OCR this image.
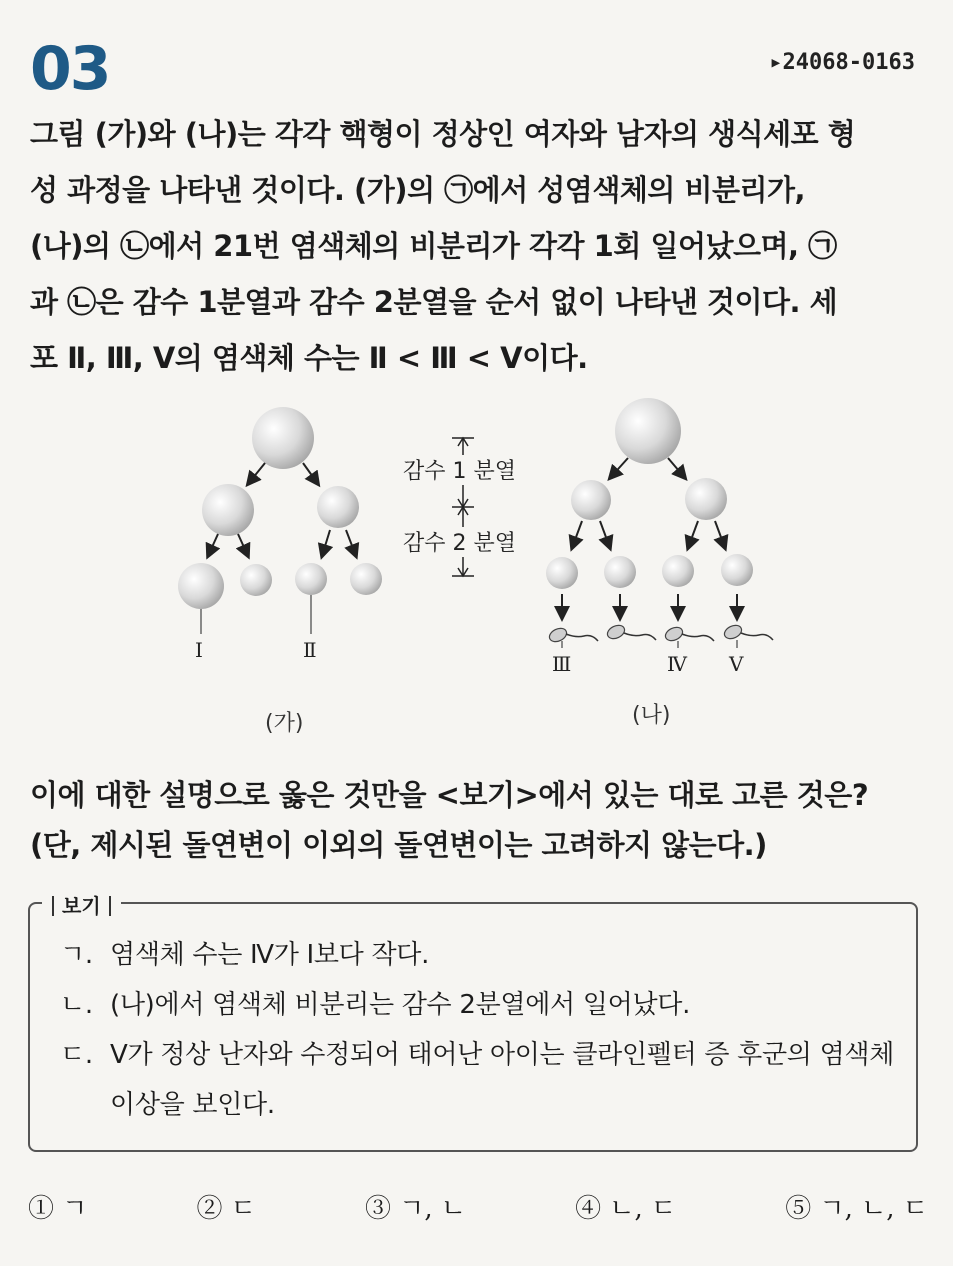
03	▸24068-0163
그림 (가)와 (나)는 각각 핵형이 정상인 여자와 남자의 생식세포 형
성 과정을 나타낸 것이다. (가)의 ㉠에서 성염색체의 비분리가,
(나)의 ㉡에서 21번 염색체의 비분리가 각각 1회 일어났으며, ㉠
과 ㉡은 감수 1분열과 감수 2분열을 순서 없이 나타낸 것이다. 세
포 Ⅱ, Ⅲ, Ⅴ의 염색체 수는 Ⅱ < Ⅲ < Ⅴ이다.
Ⅰ	Ⅱ
(가)
감수 1 분열
감수 2 분열
Ⅲ	Ⅳ Ⅴ
(나)
이에 대한 설명으로 옳은 것만을 <보기>에서 있는 대로 고른 것은?
(단, 제시된 돌연변이 이외의 돌연변이는 고려하지 않는다.)
보기
ㄱ. 염색체 수는 Ⅳ가 Ⅰ보다 작다.
ㄴ. (나)에서 염색체 비분리는 감수 2분열에서 일어났다.
ㄷ. Ⅴ가 정상 난자와 수정되어 태어난 아이는 클라인펠터 증 후군의 염색체 이상을 보인다.
① ㄱ	② ㄷ	③ ㄱ, ㄴ	④ ㄴ, ㄷ	⑤ ㄱ, ㄴ, ㄷ
